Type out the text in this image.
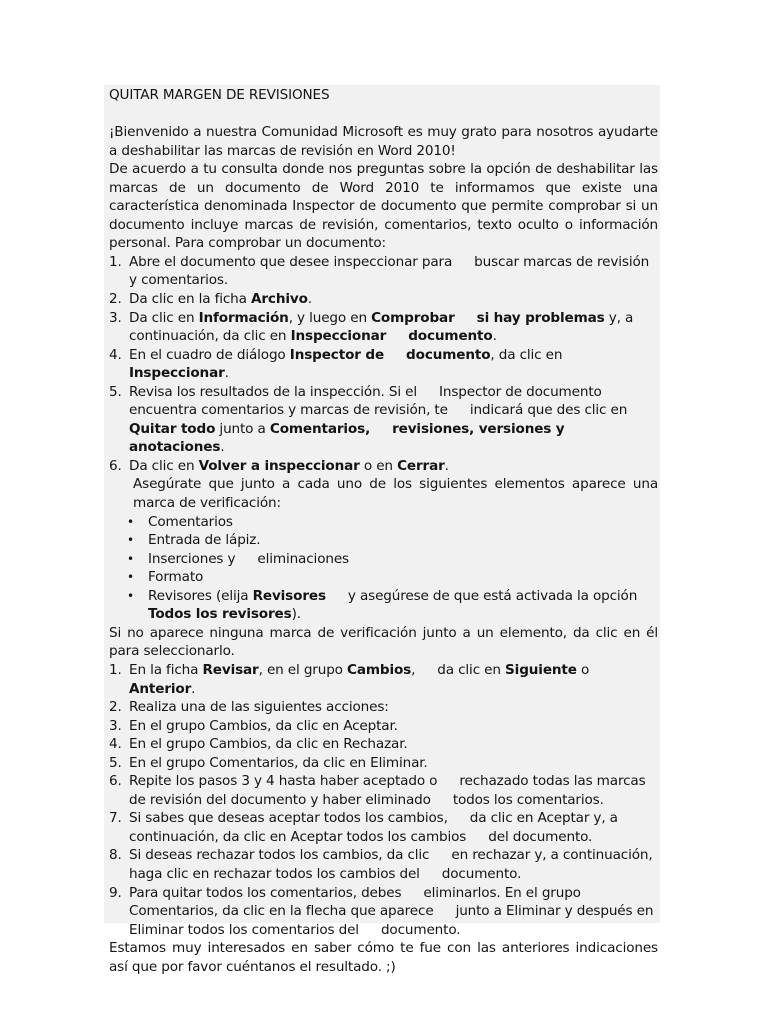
QUITAR MARGEN DE REVISIONES

¡Bienvenido a nuestra Comunidad Microsoft es muy grato para nosotros ayudarte a deshabilitar las marcas de revisión en Word 2010!

De acuerdo a tu consulta donde nos preguntas sobre la opción de deshabilitar las marcas de un documento de Word 2010 te informamos que existe una característica denominada Inspector de documento que permite comprobar si un documento incluye marcas de revisión, comentarios, texto oculto o información personal. Para comprobar un documento:

1. Abre el documento que desee inspeccionar para buscar marcas de revisión y comentarios.
2. Da clic en la ficha Archivo.
3. Da clic en Información, y luego en Comprobar si hay problemas y, a continuación, da clic en Inspeccionar documento.
4. En el cuadro de diálogo Inspector de documento, da clic en Inspeccionar.
5. Revisa los resultados de la inspección. Si el Inspector de documento encuentra comentarios y marcas de revisión, te indicará que des clic en Quitar todo junto a Comentarios, revisiones, versiones y anotaciones.
6. Da clic en Volver a inspeccionar o en Cerrar.

Asegúrate que junto a cada uno de los siguientes elementos aparece una marca de verificación:

• Comentarios
• Entrada de lápiz.
• Inserciones y eliminaciones
• Formato
• Revisores (elija Revisores y asegúrese de que está activada la opción Todos los revisores).

Si no aparece ninguna marca de verificación junto a un elemento, da clic en él para seleccionarlo.

1. En la ficha Revisar, en el grupo Cambios, da clic en Siguiente o Anterior.
2. Realiza una de las siguientes acciones:
3. En el grupo Cambios, da clic en Aceptar.
4. En el grupo Cambios, da clic en Rechazar.
5. En el grupo Comentarios, da clic en Eliminar.
6. Repite los pasos 3 y 4 hasta haber aceptado o rechazado todas las marcas de revisión del documento y haber eliminado todos los comentarios.
7. Si sabes que deseas aceptar todos los cambios, da clic en Aceptar y, a continuación, da clic en Aceptar todos los cambios del documento.
8. Si deseas rechazar todos los cambios, da clic en rechazar y, a continuación, haga clic en rechazar todos los cambios del documento.
9. Para quitar todos los comentarios, debes eliminarlos. En el grupo Comentarios, da clic en la flecha que aparece junto a Eliminar y después en Eliminar todos los comentarios del documento.

Estamos muy interesados en saber cómo te fue con las anteriores indicaciones así que por favor cuéntanos el resultado. ;)
